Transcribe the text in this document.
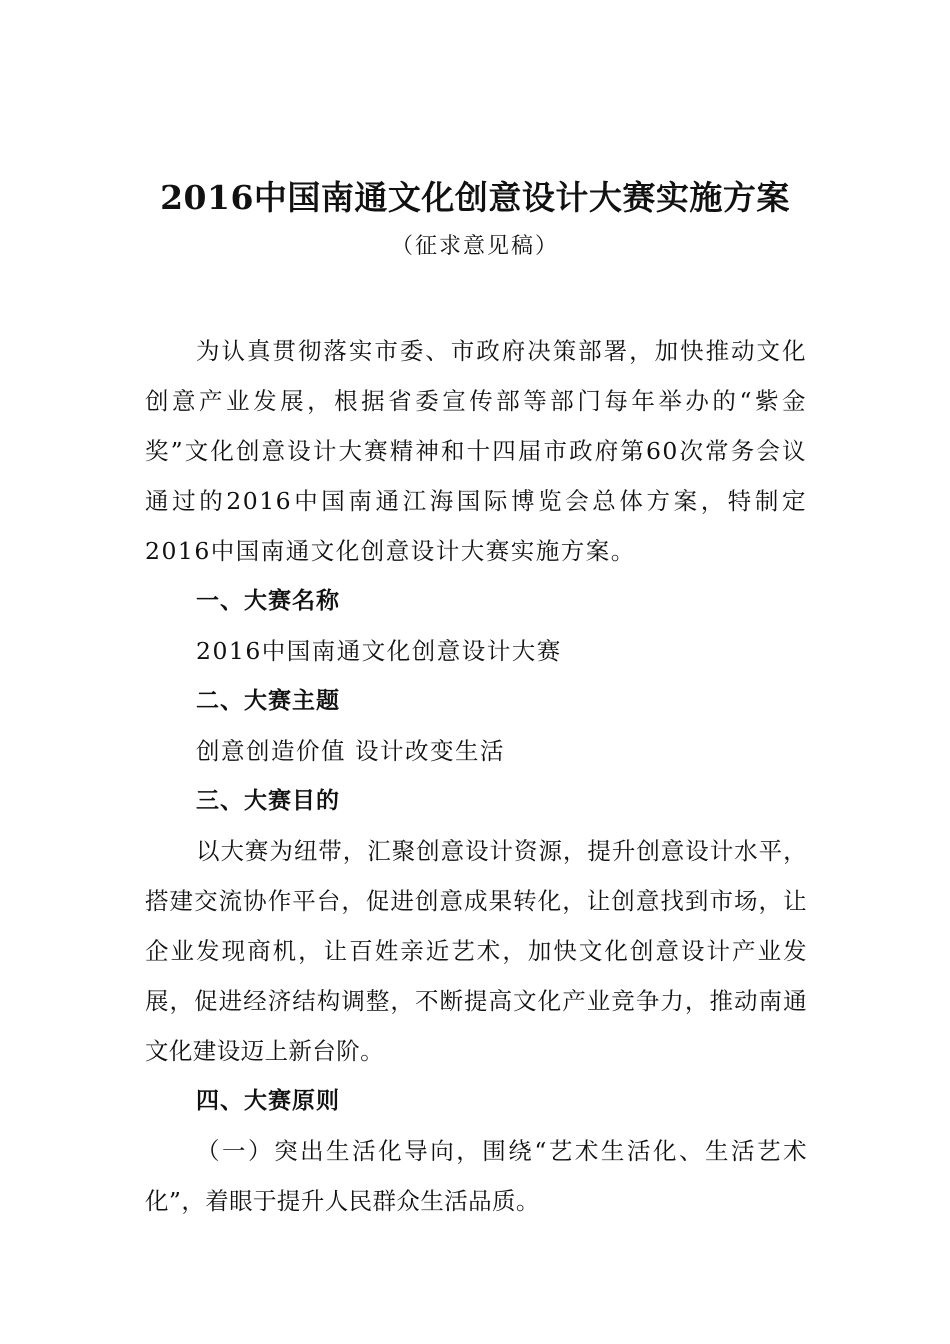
2016中国南通文化创意设计大赛实施方案
（征求意见稿）

为认真贯彻落实市委、市政府决策部署，加快推动文化创意产业发展，根据省委宣传部等部门每年举办的“紫金奖”文化创意设计大赛精神和十四届市政府第60次常务会议通过的2016中国南通江海国际博览会总体方案，特制定2016中国南通文化创意设计大赛实施方案。

一、大赛名称

2016中国南通文化创意设计大赛

二、大赛主题

创意创造价值 设计改变生活

三、大赛目的

以大赛为纽带，汇聚创意设计资源，提升创意设计水平，搭建交流协作平台，促进创意成果转化，让创意找到市场，让企业发现商机，让百姓亲近艺术，加快文化创意设计产业发展，促进经济结构调整，不断提高文化产业竞争力，推动南通文化建设迈上新台阶。

四、大赛原则

（一）突出生活化导向，围绕“艺术生活化、生活艺术化”，着眼于提升人民群众生活品质。
